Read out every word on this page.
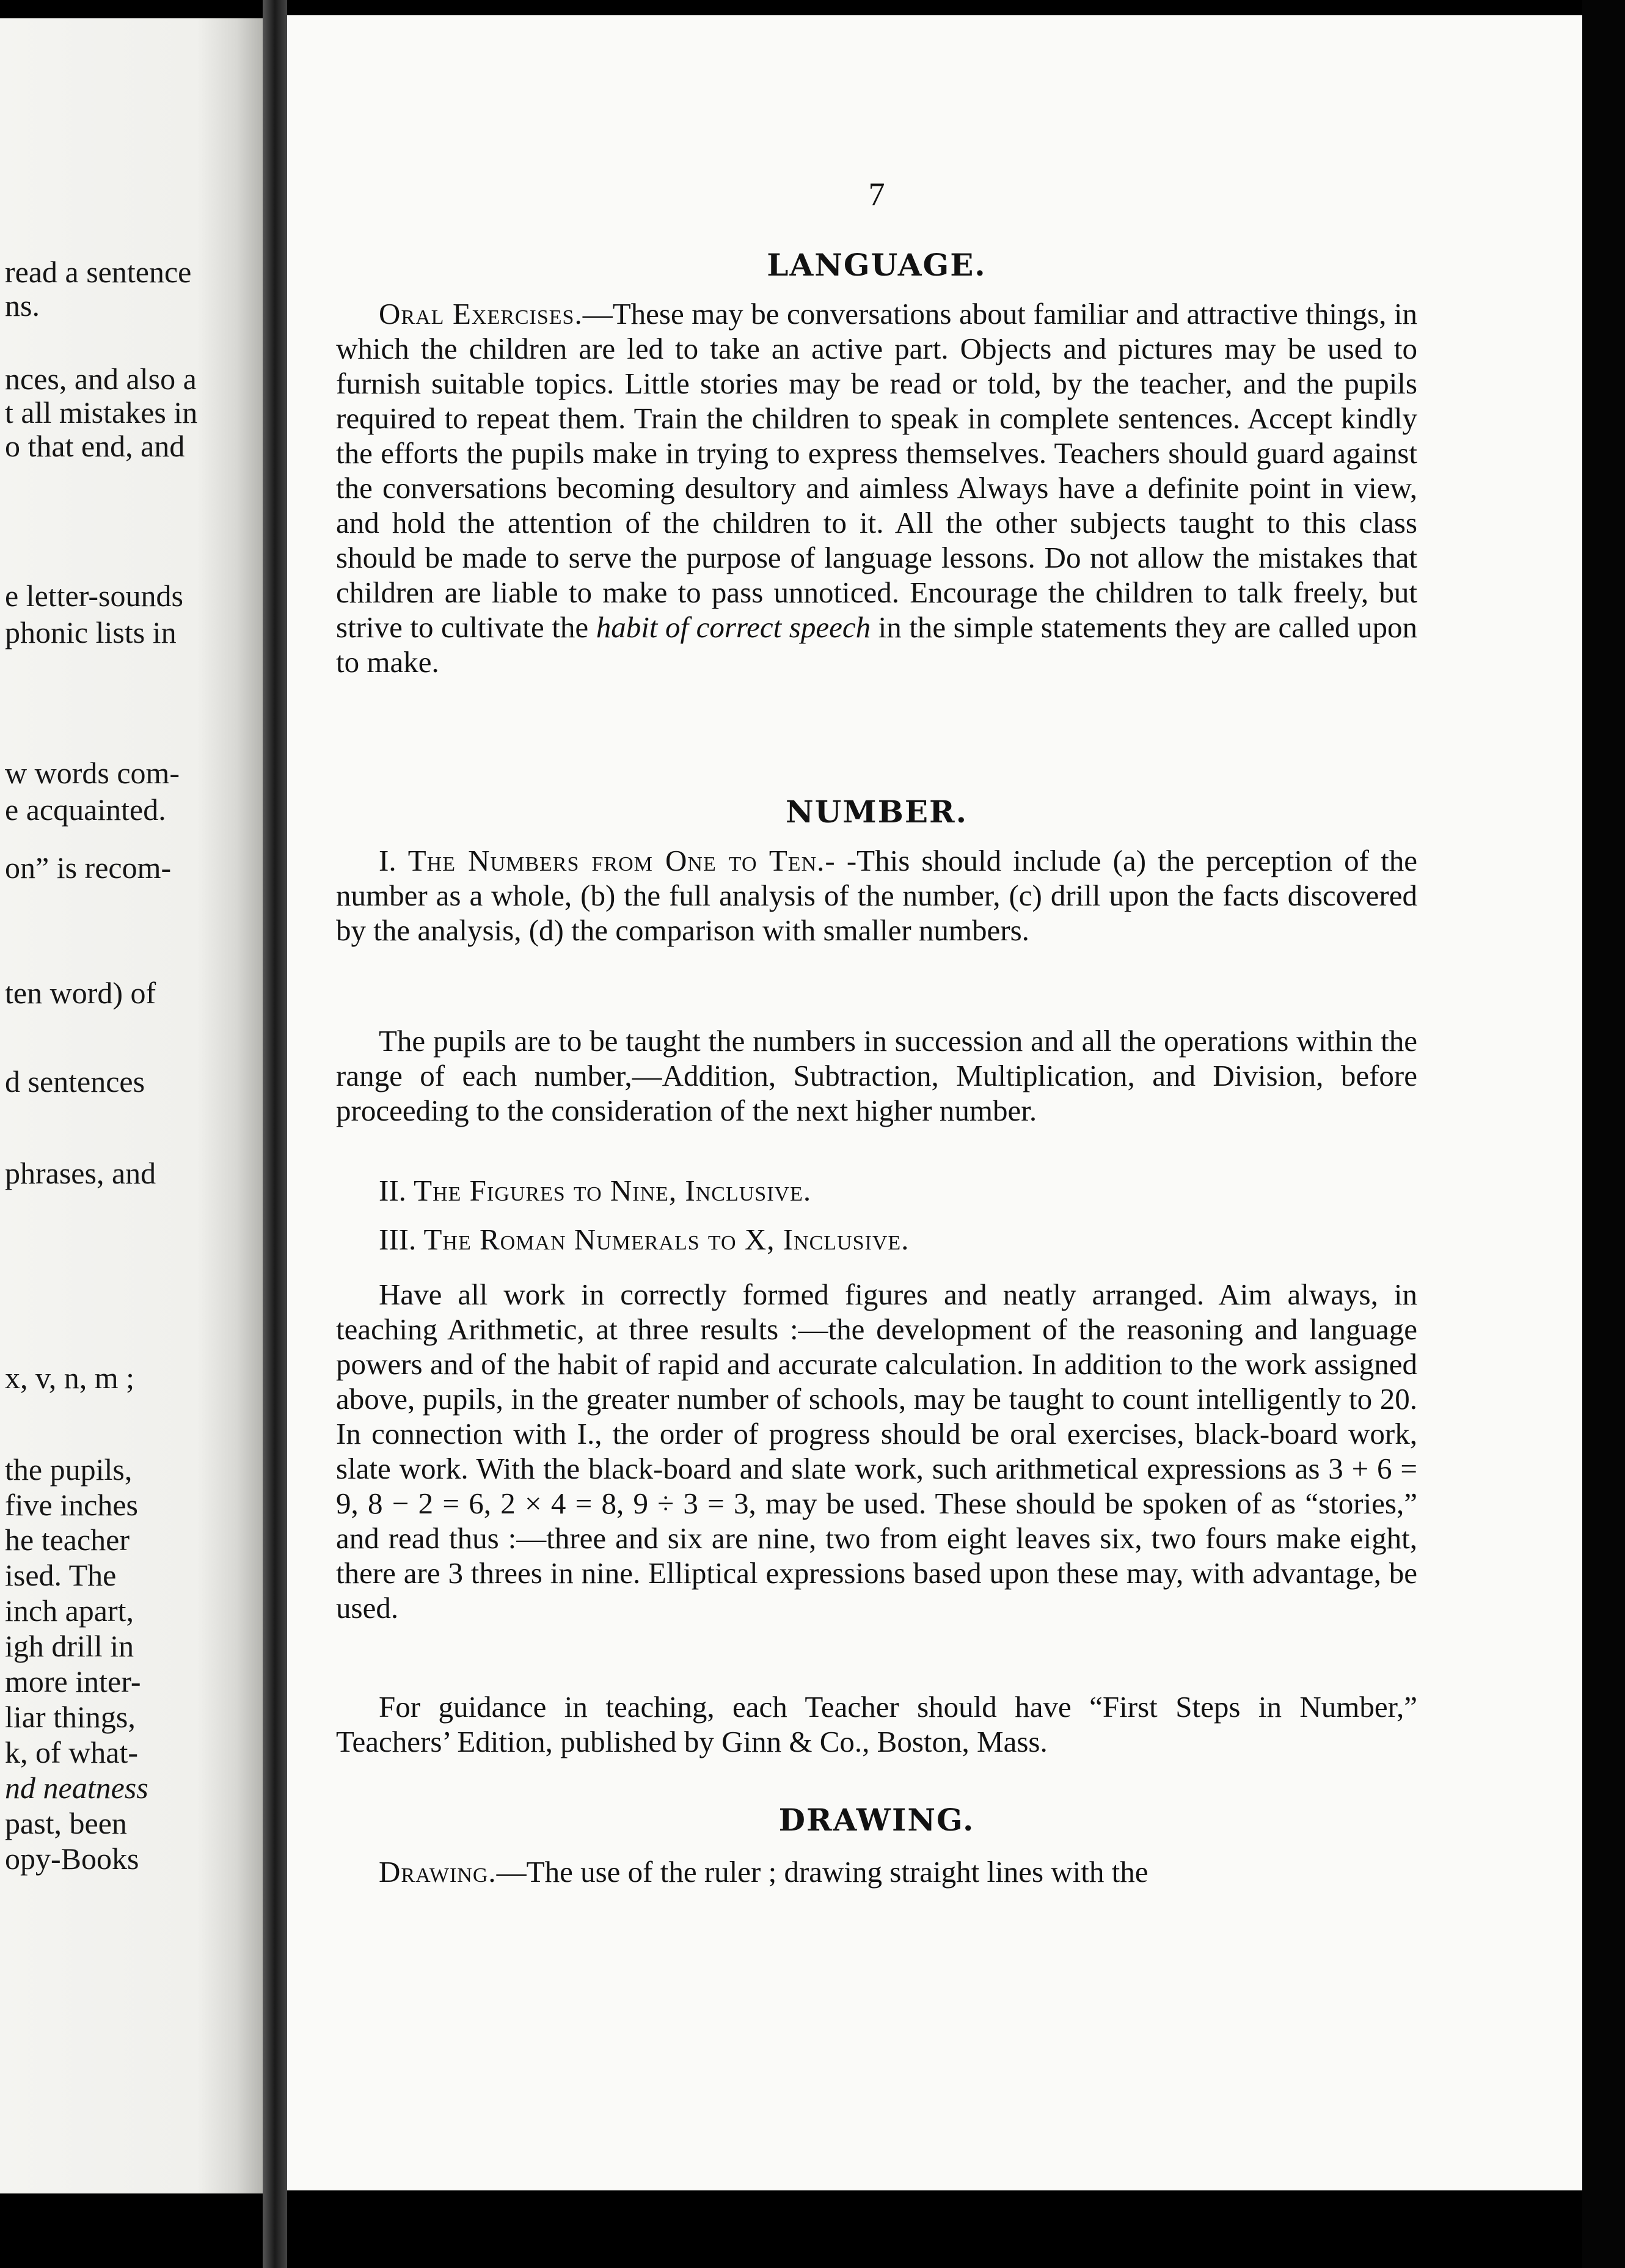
read a sentence
ns.
nces, and also a
t all mistakes in
o that end, and
e letter-sounds
phonic lists in
w words com-
e acquainted.
on” is recom-
ten word) of
d sentences
phrases, and
x, v, n, m ;
the pupils,
five inches
he teacher
ised. The
inch apart,
igh drill in
more inter-
liar things,
k, of what-
nd neatness
past, been
opy-Books
7
LANGUAGE.
Oral Exercises.—These may be conversations about familiar and attractive things, in which the children are led to take an active part. Objects and pictures may be used to furnish suitable topics. Little stories may be read or told, by the teacher, and the pupils required to repeat them. Train the children to speak in complete sentences. Accept kindly the efforts the pupils make in trying to express themselves. Teachers should guard against the conversations becoming desultory and aimless Always have a definite point in view, and hold the attention of the children to it. All the other subjects taught to this class should be made to serve the purpose of language lessons. Do not allow the mistakes that children are liable to make to pass unnoticed. Encourage the children to talk freely, but strive to cultivate the habit of correct speech in the simple statements they are called upon to make.
NUMBER.
I. The Numbers from One to Ten.- -This should include (a) the perception of the number as a whole, (b) the full analysis of the number, (c) drill upon the facts discovered by the analysis, (d) the comparison with smaller numbers.
The pupils are to be taught the numbers in succession and all the operations within the range of each number,—Addition, Subtraction, Multiplication, and Division, before proceeding to the consideration of the next higher number.
II. The Figures to Nine, Inclusive.
III. The Roman Numerals to X, Inclusive.
Have all work in correctly formed figures and neatly arranged. Aim always, in teaching Arithmetic, at three results :—the development of the reasoning and language powers and of the habit of rapid and accurate calculation. In addition to the work assigned above, pupils, in the greater number of schools, may be taught to count intelligently to 20. In connection with I., the order of progress should be oral exercises, black-board work, slate work. With the black-board and slate work, such arithmetical expressions as 3 + 6 = 9, 8 − 2 = 6, 2 × 4 = 8, 9 ÷ 3 = 3, may be used. These should be spoken of as “stories,” and read thus :—three and six are nine, two from eight leaves six, two fours make eight, there are 3 threes in nine. Elliptical expressions based upon these may, with advantage, be used.
For guidance in teaching, each Teacher should have “First Steps in Number,” Teachers’ Edition, published by Ginn & Co., Boston, Mass.
DRAWING.
Drawing.—The use of the ruler ; drawing straight lines with the
